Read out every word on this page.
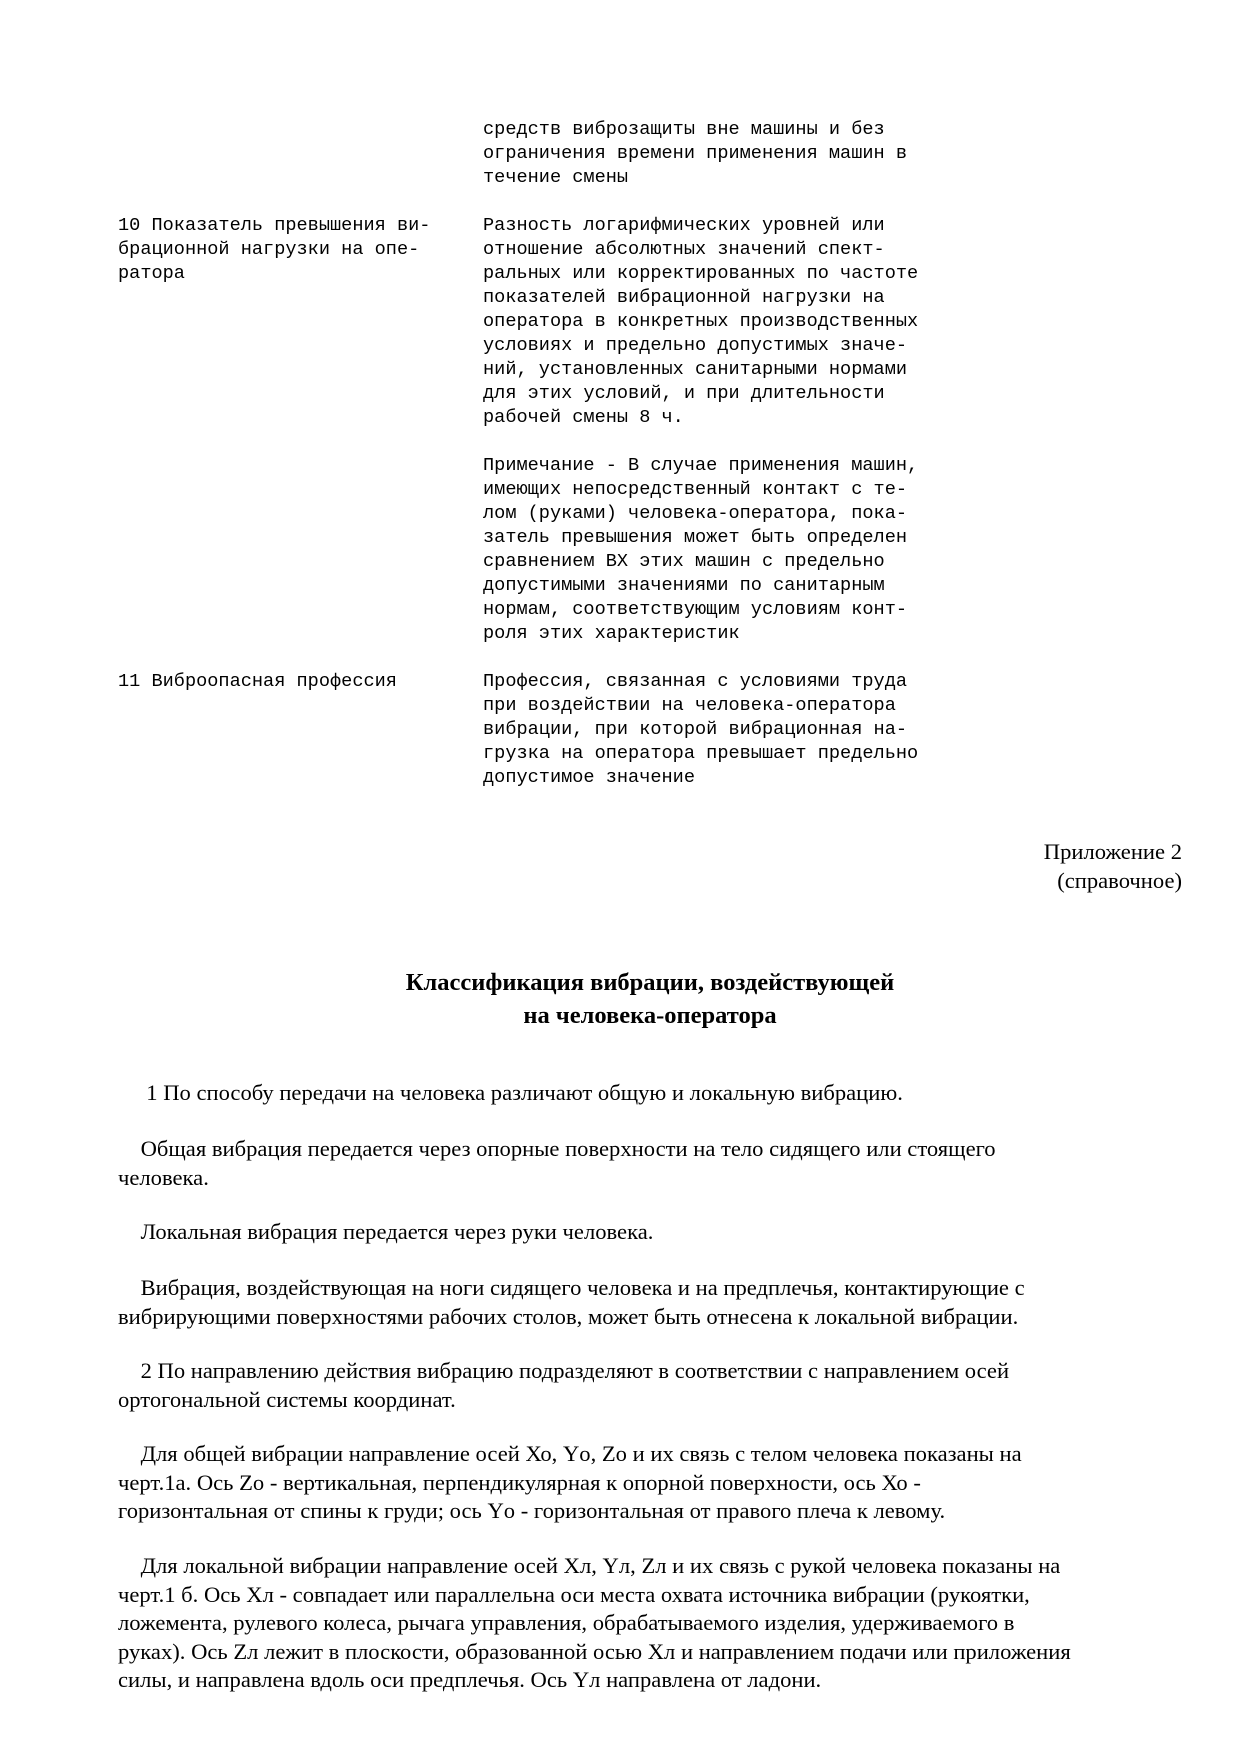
средств виброзащиты вне машины и без
ограничения времени применения машин в
течение смены
10 Показатель превышения ви-
брационной нагрузки на опе-
ратора
Разность логарифмических уровней или
отношение абсолютных значений спект-
ральных или корректированных по частоте
показателей вибрационной нагрузки на
оператора в конкретных производственных
условиях и предельно допустимых значе-
ний, установленных санитарными нормами
для этих условий, и при длительности
рабочей смены 8 ч.
Примечание - В случае применения машин,
имеющих непосредственный контакт с те-
лом (руками) человека-оператора, пока-
затель превышения может быть определен
сравнением ВХ этих машин с предельно
допустимыми значениями по санитарным
нормам, соответствующим условиям конт-
роля этих характеристик
11 Виброопасная профессия	Профессия, связанная с условиями труда
при воздействии на человека-оператора
вибрации, при которой вибрационная на-
грузка на оператора превышает предельно
допустимое значение
Приложение 2
(справочное)
Классификация вибрации, воздействующей
на человека-оператора

1 По способу передачи на человека различают общую и локальную вибрацию.

Общая вибрация передается через опорные поверхности на тело сидящего или стоящего
человека.

Локальная вибрация передается через руки человека.

Вибрация, воздействующая на ноги сидящего человека и на предплечья, контактирующие с
вибрирующими поверхностями рабочих столов, может быть отнесена к локальной вибрации.

2 По направлению действия вибрацию подразделяют в соответствии с направлением осей
ортогональной системы координат.

Для общей вибрации направление осей Хо, Yо, Zо и их связь с телом человека показаны на
черт.1а. Ось Zо - вертикальная, перпендикулярная к опорной поверхности, ось Хо -
горизонтальная от спины к груди; ось Yо - горизонтальная от правого плеча к левому.

Для локальной вибрации направление осей Хл, Yл, Zл и их связь с рукой человека показаны на
черт.1 б. Ось Хл - совпадает или параллельна оси места охвата источника вибрации (рукоятки,
ложемента, рулевого колеса, рычага управления, обрабатываемого изделия, удерживаемого в
руках). Ось Zл лежит в плоскости, образованной осью Хл и направлением подачи или приложения
силы, и направлена вдоль оси предплечья. Ось Yл направлена от ладони.
